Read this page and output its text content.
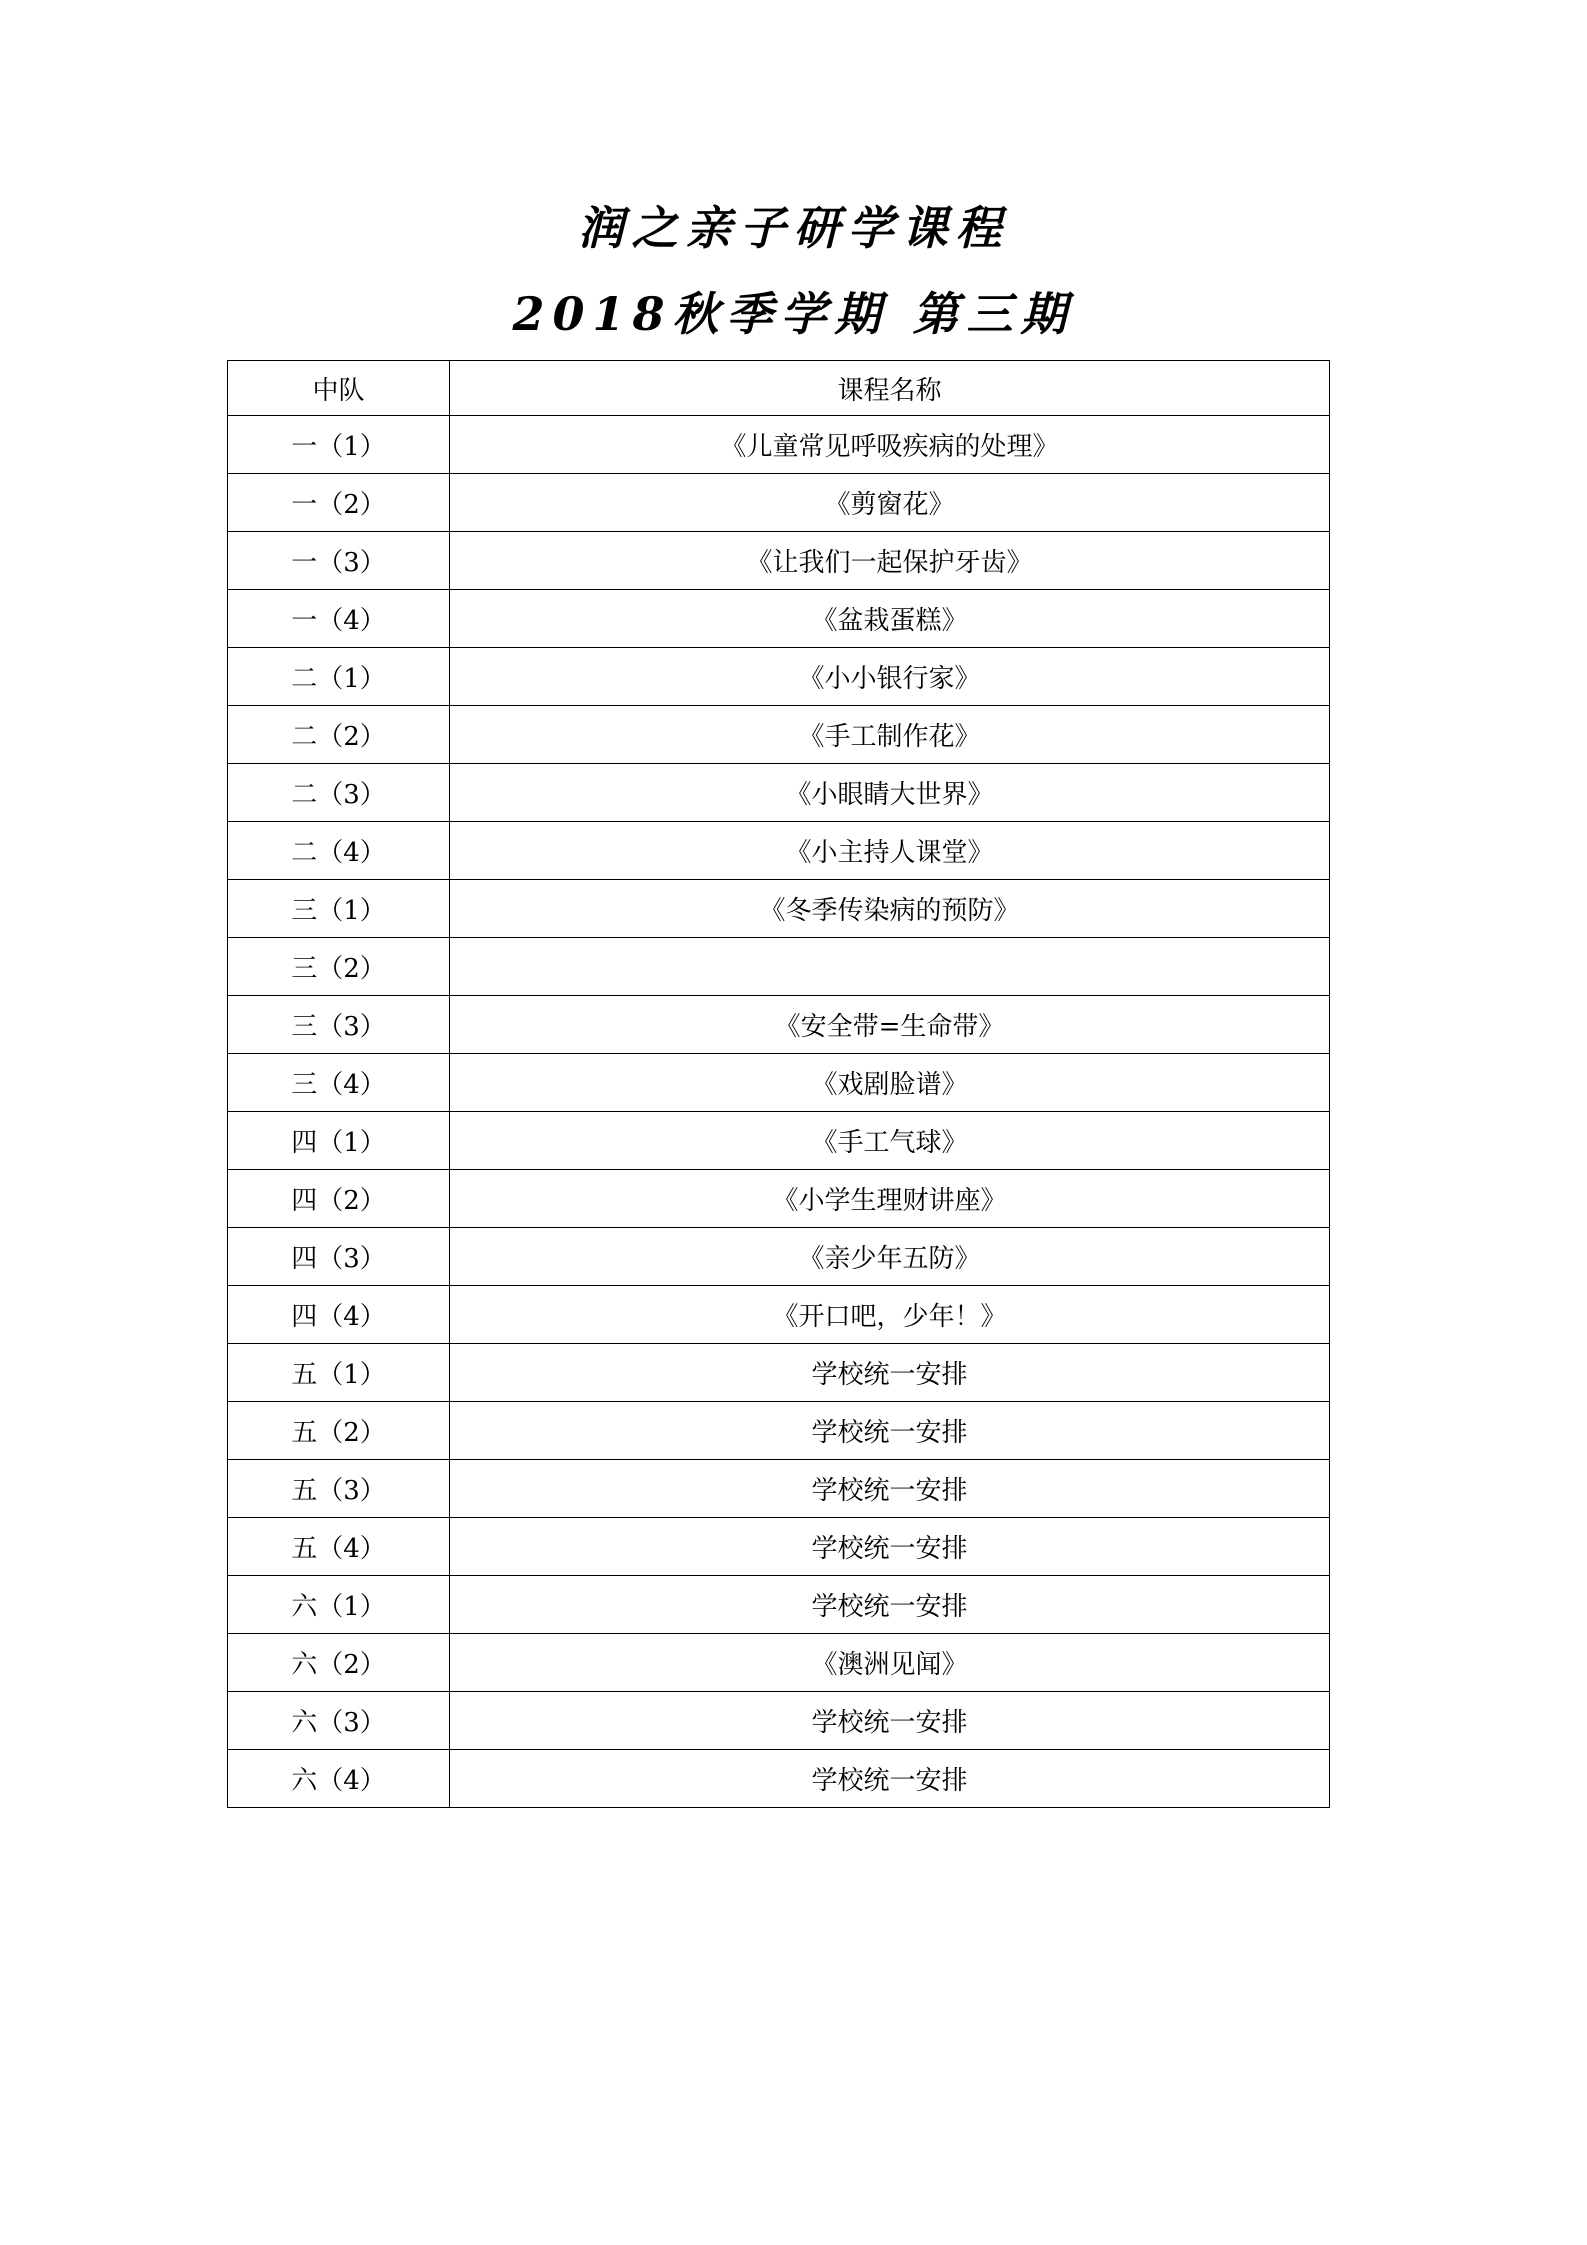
润之亲子研学课程
2018秋季学期 第三期
中队	课程名称
一（1）	《儿童常见呼吸疾病的处理》
一（2）	《剪窗花》
一（3）	《让我们一起保护牙齿》
一（4）	《盆栽蛋糕》
二（1）	《小小银行家》
二（2）	《手工制作花》
二（3）	《小眼睛大世界》
二（4）	《小主持人课堂》
三（1）	《冬季传染病的预防》
三（2）	
三（3）	《安全带=生命带》
三（4）	《戏剧脸谱》
四（1）	《手工气球》
四（2）	《小学生理财讲座》
四（3）	《亲少年五防》
四（4）	《开口吧，少年！》
五（1）	学校统一安排
五（2）	学校统一安排
五（3）	学校统一安排
五（4）	学校统一安排
六（1）	学校统一安排
六（2）	《澳洲见闻》
六（3）	学校统一安排
六（4）	学校统一安排
